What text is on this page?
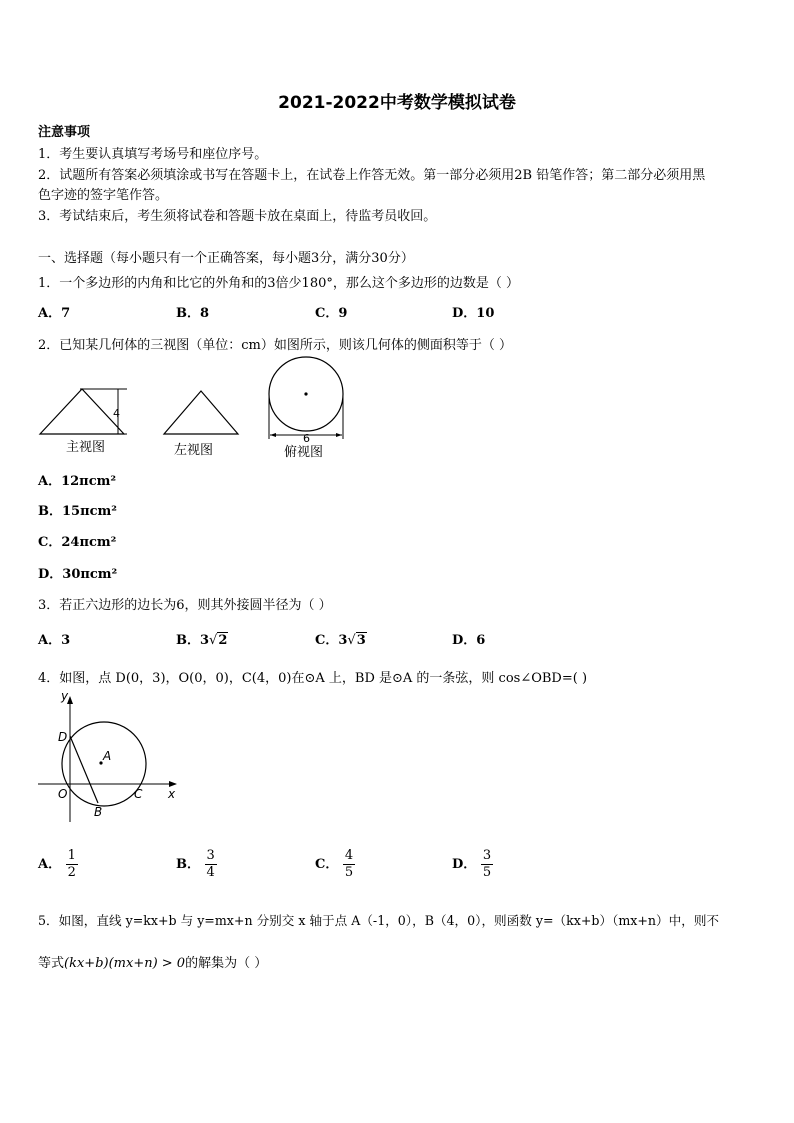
2021-2022中考数学模拟试卷
注意事项
1．考生要认真填写考场号和座位序号。
2．试题所有答案必须填涂或书写在答题卡上，在试卷上作答无效。第一部分必须用2B 铅笔作答；第二部分必须用黑
色字迹的签字笔作答。
3．考试结束后，考生须将试卷和答题卡放在桌面上，待监考员收回。
一、选择题（每小题只有一个正确答案，每小题3分，满分30分）
1．一个多边形的内角和比它的外角和的3倍少180°，那么这个多边形的边数是（ ）
A．7	B．8	C．9	D．10
2．已知某几何体的三视图（单位：cm）如图所示，则该几何体的侧面积等于（ ）
4
主视图	左视图
6
俯视图
A．12πcm²
B．15πcm²
C．24πcm²
D．30πcm²
3．若正六边形的边长为6，则其外接圆半径为（ ）
A．3	B．3√2	C．3√3	D．6
4．如图，点 D(0，3)，O(0，0)，C(4，0)在⊙A 上，BD 是⊙A 的一条弦，则 cos∠OBD=( )
y
x
D
A
O	C
B
A． $\frac{1}{2}$	B． $\frac{3}{4}$	C． $\frac{4}{5}$	D． $\frac{3}{5}$
5．如图，直线 y=kx+b 与 y=mx+n 分别交 x 轴于点 A（-1，0），B（4，0），则函数 y=（kx+b）（mx+n）中，则不
等式(kx+b)(mx+n) > 0的解集为（ ）
